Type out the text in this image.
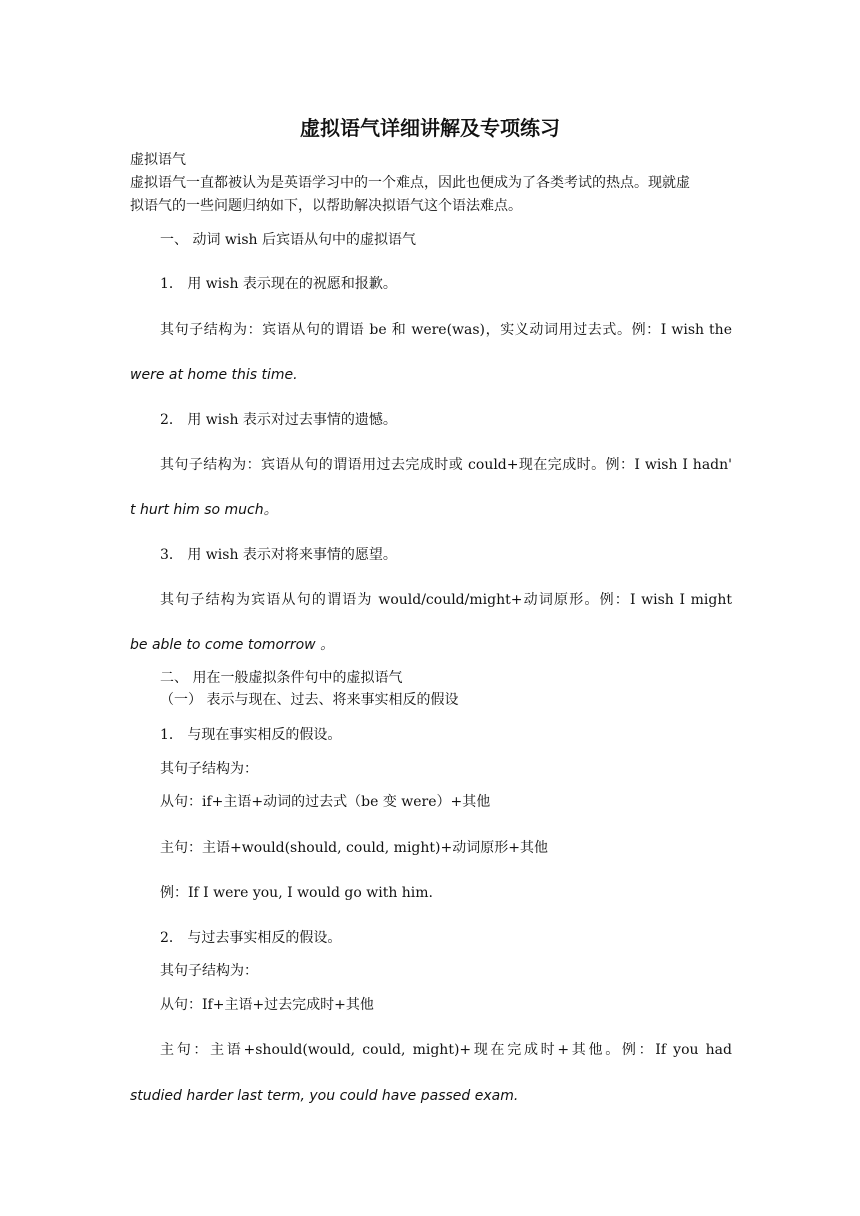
虚拟语气详细讲解及专项练习
虚拟语气
虚拟语气一直都被认为是英语学习中的一个难点，因此也便成为了各类考试的热点。现就虚
拟语气的一些问题归纳如下，以帮助解决拟语气这个语法难点。
一、 动词 wish 后宾语从句中的虚拟语气
1． 用 wish 表示现在的祝愿和报歉。
其句子结构为：宾语从句的谓语 be 和 were(was)，实义动词用过去式。例：I wish the
were at home this time.
2． 用 wish 表示对过去事情的遗憾。
其句子结构为：宾语从句的谓语用过去完成时或 could+现在完成时。例：I wish I hadn'
t hurt him so much。
3． 用 wish 表示对将来事情的愿望。
其句子结构为宾语从句的谓语为 would/could/might+动词原形。例：I wish I might
be able to come tomorrow 。
二、 用在一般虚拟条件句中的虚拟语气
（一） 表示与现在、过去、将来事实相反的假设
1． 与现在事实相反的假设。
其句子结构为：
从句：if+主语+动词的过去式（be 变 were）+其他
主句：主语+would(should, could, might)+动词原形+其他
例：If I were you, I would go with him.
2． 与过去事实相反的假设。
其句子结构为：
从句：If+主语+过去完成时+其他
主句：主语+should(would, could, might)+现在完成时+其他。例：If you had
studied harder last term, you could have passed exam.
